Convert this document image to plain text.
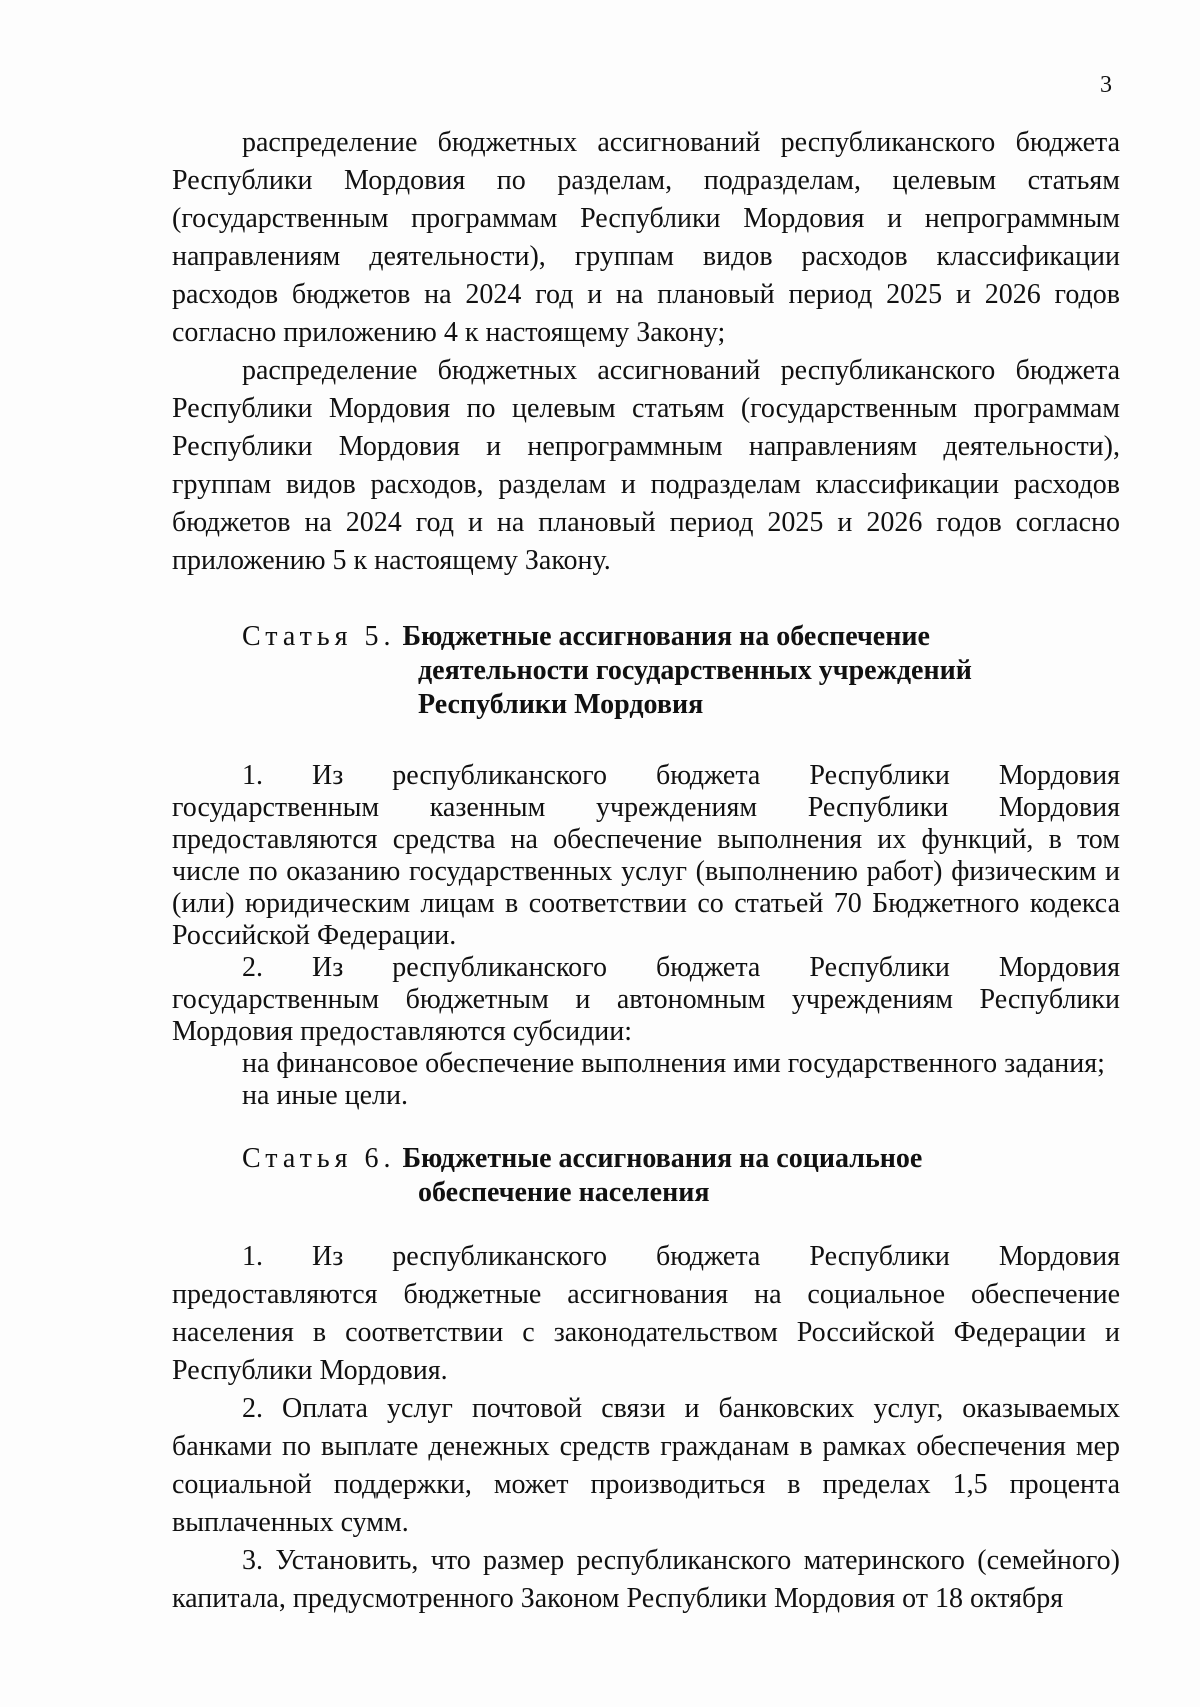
3

распределение бюджетных ассигнований республиканского бюджета Республики Мордовия по разделам, подразделам, целевым статьям (государственным программам Республики Мордовия и непрограммным направлениям деятельности), группам видов расходов классификации расходов бюджетов на 2024 год и на плановый период 2025 и 2026 годов согласно приложению 4 к настоящему Закону;

распределение бюджетных ассигнований республиканского бюджета Республики Мордовия по целевым статьям (государственным программам Республики Мордовия и непрограммным направлениям деятельности), группам видов расходов, разделам и подразделам классификации расходов бюджетов на 2024 год и на плановый период 2025 и 2026 годов согласно приложению 5 к настоящему Закону.

Статья 5. Бюджетные ассигнования на обеспечение
деятельности государственных учреждений
Республики Мордовия

1. Из республиканского бюджета Республики Мордовия государственным казенным учреждениям Республики Мордовия предоставляются средства на обеспечение выполнения их функций, в том числе по оказанию государственных услуг (выполнению работ) физическим и (или) юридическим лицам в соответствии со статьей 70 Бюджетного кодекса Российской Федерации.

2. Из республиканского бюджета Республики Мордовия государственным бюджетным и автономным учреждениям Республики Мордовия предоставляются субсидии:

на финансовое обеспечение выполнения ими государственного задания;

на иные цели.

Статья 6. Бюджетные ассигнования на социальное
обеспечение населения

1. Из республиканского бюджета Республики Мордовия предоставляются бюджетные ассигнования на социальное обеспечение населения в соответствии с законодательством Российской Федерации и Республики Мордовия.

2. Оплата услуг почтовой связи и банковских услуг, оказываемых банками по выплате денежных средств гражданам в рамках обеспечения мер социальной поддержки, может производиться в пределах 1,5 процента выплаченных сумм.

3. Установить, что размер республиканского материнского (семейного) капитала, предусмотренного Законом Республики Мордовия от 18 октября
